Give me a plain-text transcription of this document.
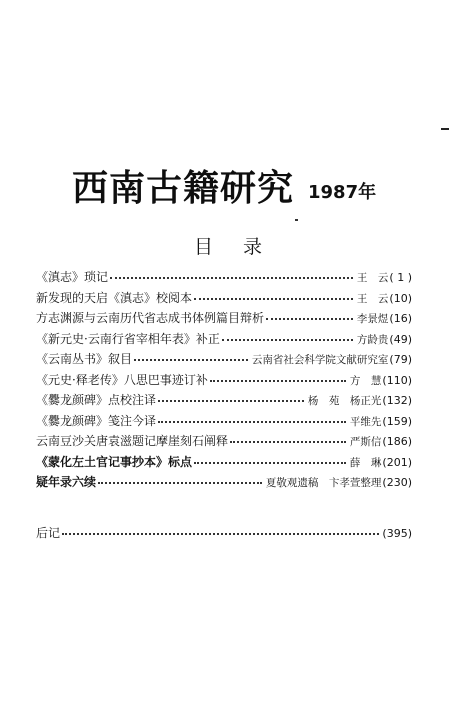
西南古籍研究 1987年
目录
《滇志》琐记	王　云 ( 1 )
新发现的天启《滇志》校阅本	王　云 (10)
方志渊源与云南历代省志成书体例篇目辩析	李景煜 (16)
《新元史·云南行省宰相年表》补正	方龄贵 (49)
《云南丛书》叙目	云南省社会科学院文献研究室 (79)
《元史·释老传》八思巴事迹订补	方　慧 (110)
《爨龙颜碑》点校注译	杨　苑　杨正光 (132)
《爨龙颜碑》笺注今译	平维先 (159)
云南豆沙关唐袁滋题记摩崖刻石阐释	严斯信 (186)
《蒙化左土官记事抄本》标点	薛　琳 (201)
疑年录六续	夏敬观遗稿　卞孝萱整理 (230)
后记	(395)
